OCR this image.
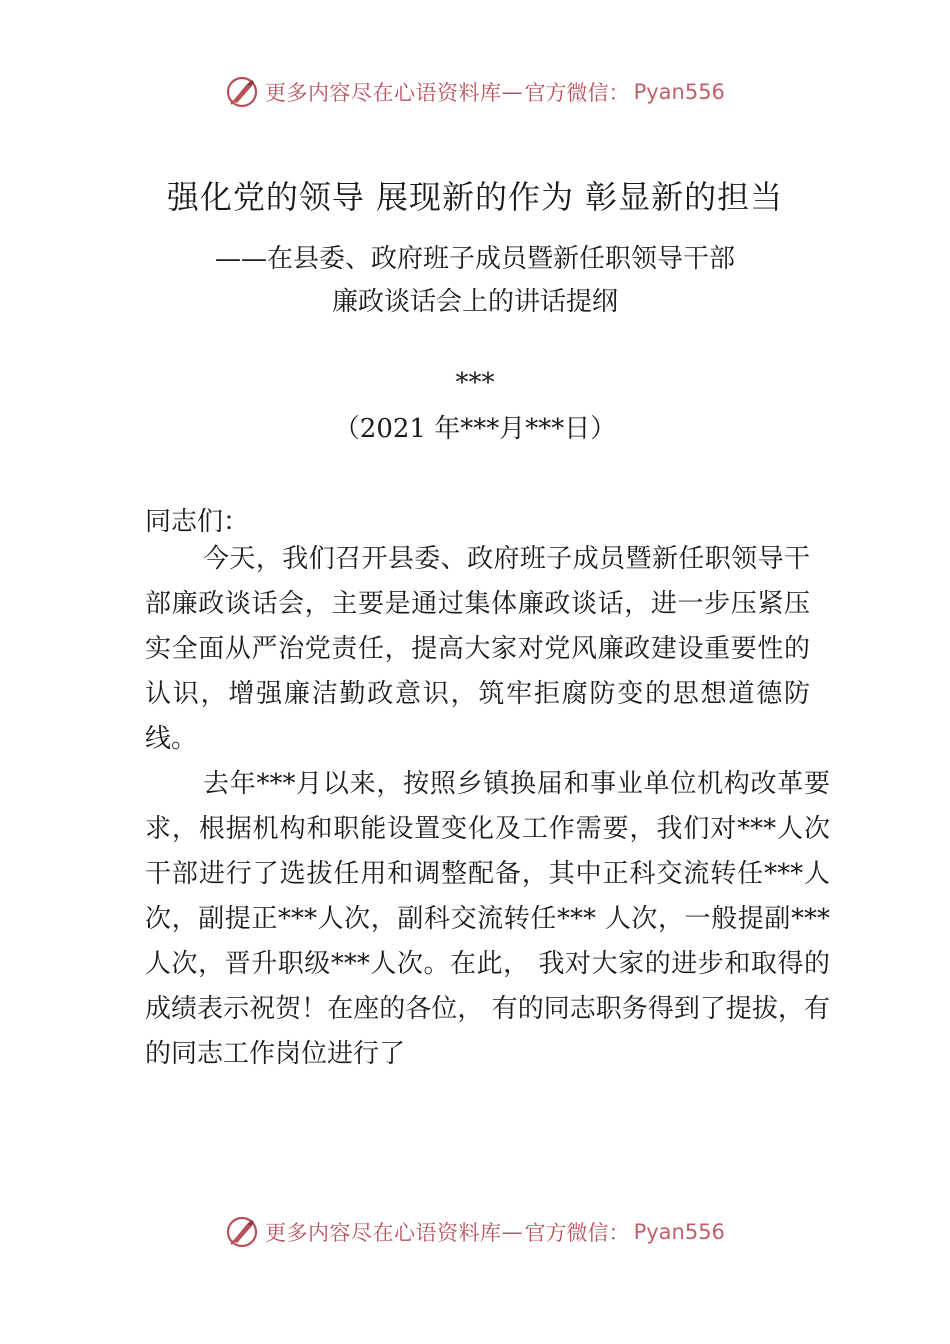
更多内容尽在心语资料库 — 官方微信： Pyan556
强化党的领导 展现新的作为 彰显新的担当
——在县委、政府班子成员暨新任职领导干部
廉政谈话会上的讲话提纲
***
（2021 年***月***日）
同志们：
今天，我们召开县委、政府班子成员暨新任职领导干部廉政谈话会，主要是通过集体廉政谈话，进一步压紧压实全面从严治党责任，提高大家对党风廉政建设重要性的认识，增强廉洁勤政意识，筑牢拒腐防变的思想道德防线。
去年***月以来，按照乡镇换届和事业单位机构改革要求，根据机构和职能设置变化及工作需要，我们对***人次干部进行了选拔任用和调整配备，其中正科交流转任***人次，副提正***人次，副科交流转任*** 人次，一般提副***人次，晋升职级***人次。在此， 我对大家的进步和取得的成绩表示祝贺！在座的各位， 有的同志职务得到了提拔，有的同志工作岗位进行了
更多内容尽在心语资料库 — 官方微信： Pyan556
